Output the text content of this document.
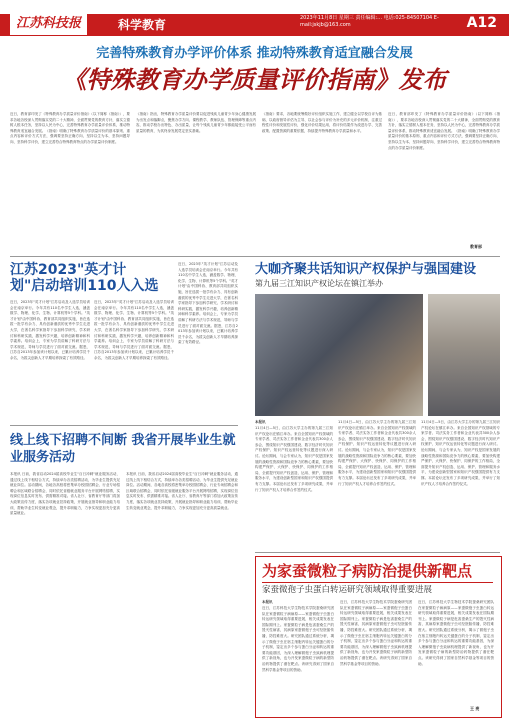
江苏科技报	科学教育	2023年11月8日 星期三 责任编辑:… 电话:025-84507104 E-mail:jskjb@163.com	A12
完善特殊教育办学评价体系 推动特殊教育适宜融合发展
《特殊教育办学质量评价指南》发布
近日，教育部印发了《特殊教育办学质量评价指南》（以下简称《指南》），要求各地各校深入贯彻落实党的二十大精神，全面贯彻党的教育方针，落实立德树人根本任务，坚持以人民为中心，完善特殊教育办学质量评价体系，推动特殊教育适宜融合发展。《指南》明确了特殊教育办学质量评价的基本原则、重点内容和评价方式方法，强调要坚持正确方向、坚持以生为本、坚持问题导向、坚持科学评价，建立完善符合特殊教育特点的办学质量评价制度。
《指南》指出，特殊教育办学质量评价要以促进残疾儿童青少年身心健康发展为出发点和落脚点，聚焦办学方向、课程教学、教师队伍、管理保障等重点内容，推动学校办出特色、办出质量，让每个残疾儿童青少年都能接受公平而有质量的教育，为其终身发展奠定坚实基础。
《指南》要求，各地要统筹做好评价组织实施工作，建立健全以学校自评为基础、以政府督导评估为主导、以社会参与评价为补充的多元评价机制，注重过程性评价和发展性评价，强化评价结果运用，将评价结果作为改进办学、完善政策、配置资源的重要依据，持续提升特殊教育办学质量和水平。
近日，教育部印发了《特殊教育办学质量评价指南》（以下简称《指南》），要求各地各校深入贯彻落实党的二十大精神，全面贯彻党的教育方针，落实立德树人根本任务，坚持以人民为中心，完善特殊教育办学质量评价体系，推动特殊教育适宜融合发展。《指南》明确了特殊教育办学质量评价的基本原则、重点内容和评价方式方法，强调要坚持正确方向、坚持以生为本、坚持问题导向、坚持科学评价，建立完善符合特殊教育特点的办学质量评价制度。
教育部
江苏2023"英才计划"启动培训110人入选
近日，2023年"英才计划"江苏启动及入选学员培训会在南京举行。今年共有110名中学生入选，涵盖数学、物理、化学、生物、计算机等5个学科。"英才计划"由中国科协、教育部共同组织实施，旨在选拔一批学有余力、具有创新潜质的优秀中学生走进大学，在著名科学家指导下参加科学研究、学术研讨和科研实践，激发科学兴趣，培养创新精神和科学素养。培训会上，专家为学员讲解了科研方法与学术规范，导师与学员进行了面对面交流。据悉，江苏自2013年参加该计划以来，已累计培养学员千余名，为拔尖创新人才早期培养探索了有效路径。
近日，2023年"英才计划"江苏启动及入选学员培训会在南京举行。今年共有110名中学生入选，涵盖数学、物理、化学、生物、计算机等5个学科。"英才计划"由中国科协、教育部共同组织实施，旨在选拔一批学有余力、具有创新潜质的优秀中学生走进大学，在著名科学家指导下参加科学研究、学术研讨和科研实践，激发科学兴趣，培养创新精神和科学素养。培训会上，专家为学员讲解了科研方法与学术规范，导师与学员进行了面对面交流。据悉，江苏自2013年参加该计划以来，已累计培养学员千余名，为拔尖创新人才早期培养探索了有效路径。
近日，2023年"英才计划"江苏启动及入选学员培训会在南京举行。今年共有110名中学生入选，涵盖数学、物理、化学、生物、计算机等5个学科。"英才计划"由中国科协、教育部共同组织实施，旨在选拔一批学有余力、具有创新潜质的优秀中学生走进大学，在著名科学家指导下参加科学研究、学术研讨和科研实践，激发科学兴趣，培养创新精神和科学素养。培训会上，专家为学员讲解了科研方法与学术规范，导师与学员进行了面对面交流。据悉，江苏自2013年参加该计划以来，已累计培养学员千余名，为拔尖创新人才早期培养探索了有效路径。
线上线下招聘不间断 我省开展毕业生就业服务活动
本报讯 日前，我省启动2024届高校毕业生"百日冲刺"就业服务活动，通过线上线下相结合方式，持续举办各类招聘活动，为毕业生提供充足就业岗位。活动期间，各地各高校将密集举办校园招聘会、行业专场招聘会和区域联合招聘会，同时依托省级就业服务平台开展网络招聘，实现岗位信息实时发布、供需精准对接。省人社厅、省教育厅等部门将加大政策宣传力度，落实各项就业扶持政策，开展就业指导和职业能力培训，帮助毕业生转变就业观念，提升求职能力，力争实现更加充分更高质量就业。
本报讯 日前，我省启动2024届高校毕业生"百日冲刺"就业服务活动，通过线上线下相结合方式，持续举办各类招聘活动，为毕业生提供充足就业岗位。活动期间，各地各高校将密集举办校园招聘会、行业专场招聘会和区域联合招聘会，同时依托省级就业服务平台开展网络招聘，实现岗位信息实时发布、供需精准对接。省人社厅、省教育厅等部门将加大政策宣传力度，落实各项就业扶持政策，开展就业指导和职业能力培训，帮助毕业生转变就业观念，提升求职能力，力争实现更加充分更高质量就业。
大咖齐聚共话知识产权保护与强国建设
第九届三江知识产权论坛在镇江举办
本报讯
11月4日—5日，由江苏大学主办的第九届三江知识产权论坛在镇江举办。来自全国知识产权领域的专家学者、司法实务工作者和企业代表共300余人参会，围绕知识产权强国建设、数字经济时代知识产权保护、知识产权运营转化等议题进行深入研讨。论坛期间，与会专家认为，知识产权是国家发展的战略性资源和国际竞争力的核心要素，要加快构建严保护、大保护、快保护、同保护的工作格局，全面提升知识产权创造、运用、保护、管理和服务水平，为建设创新型国家和知识产权强国提供有力支撑。本届论坛还发布了多项研究成果，并举行了知识产权人才培养合作签约仪式。
11月4日—5日，由江苏大学主办的第九届三江知识产权论坛在镇江举办。来自全国知识产权领域的专家学者、司法实务工作者和企业代表共300余人参会，围绕知识产权强国建设、数字经济时代知识产权保护、知识产权运营转化等议题进行深入研讨。论坛期间，与会专家认为，知识产权是国家发展的战略性资源和国际竞争力的核心要素，要加快构建严保护、大保护、快保护、同保护的工作格局，全面提升知识产权创造、运用、保护、管理和服务水平，为建设创新型国家和知识产权强国提供有力支撑。本届论坛还发布了多项研究成果，并举行了知识产权人才培养合作签约仪式。
11月4日—5日，由江苏大学主办的第九届三江知识产权论坛在镇江举办。来自全国知识产权领域的专家学者、司法实务工作者和企业代表共300余人参会，围绕知识产权强国建设、数字经济时代知识产权保护、知识产权运营转化等议题进行深入研讨。论坛期间，与会专家认为，知识产权是国家发展的战略性资源和国际竞争力的核心要素，要加快构建严保护、大保护、快保护、同保护的工作格局，全面提升知识产权创造、运用、保护、管理和服务水平，为建设创新型国家和知识产权强国提供有力支撑。本届论坛还发布了多项研究成果，并举行了知识产权人才培养合作签约仪式。
为家蚕微粒子病防治提供新靶点
家蚕微孢子虫蛋白转运研究领域取得重要进展
本报讯
近日，江苏科技大学生物技术学院蚕桑研究团队在家蚕微粒子病病原——家蚕微孢子虫蛋白转运研究领域取得重要进展，相关成果发表在国际期刊上。家蚕微粒子病是危害蚕桑生产的毁灭性病害，其病原家蚕微孢子虫可经胚胎传播，防控难度大。研究团队通过系统分析，揭示了微孢子虫在宿主细胞内转运关键蛋白的分子机制，鉴定出多个参与蛋白分泌和转运的重要功能基因，为深入理解微孢子虫致病机理提供了新视角，也为开发家蚕微粒子病的新型防治药物提供了潜在靶点。该研究得到了国家自然科学基金等项目的资助。
近日，江苏科技大学生物技术学院蚕桑研究团队在家蚕微粒子病病原——家蚕微孢子虫蛋白转运研究领域取得重要进展，相关成果发表在国际期刊上。家蚕微粒子病是危害蚕桑生产的毁灭性病害，其病原家蚕微孢子虫可经胚胎传播，防控难度大。研究团队通过系统分析，揭示了微孢子虫在宿主细胞内转运关键蛋白的分子机制，鉴定出多个参与蛋白分泌和转运的重要功能基因，为深入理解微孢子虫致病机理提供了新视角，也为开发家蚕微粒子病的新型防治药物提供了潜在靶点。该研究得到了国家自然科学基金等项目的资助。
近日，江苏科技大学生物技术学院蚕桑研究团队在家蚕微粒子病病原——家蚕微孢子虫蛋白转运研究领域取得重要进展，相关成果发表在国际期刊上。家蚕微粒子病是危害蚕桑生产的毁灭性病害，其病原家蚕微孢子虫可经胚胎传播，防控难度大。研究团队通过系统分析，揭示了微孢子虫在宿主细胞内转运关键蛋白的分子机制，鉴定出多个参与蛋白分泌和转运的重要功能基因，为深入理解微孢子虫致病机理提供了新视角，也为开发家蚕微粒子病的新型防治药物提供了潜在靶点。该研究得到了国家自然科学基金等项目的资助。
王 亮
